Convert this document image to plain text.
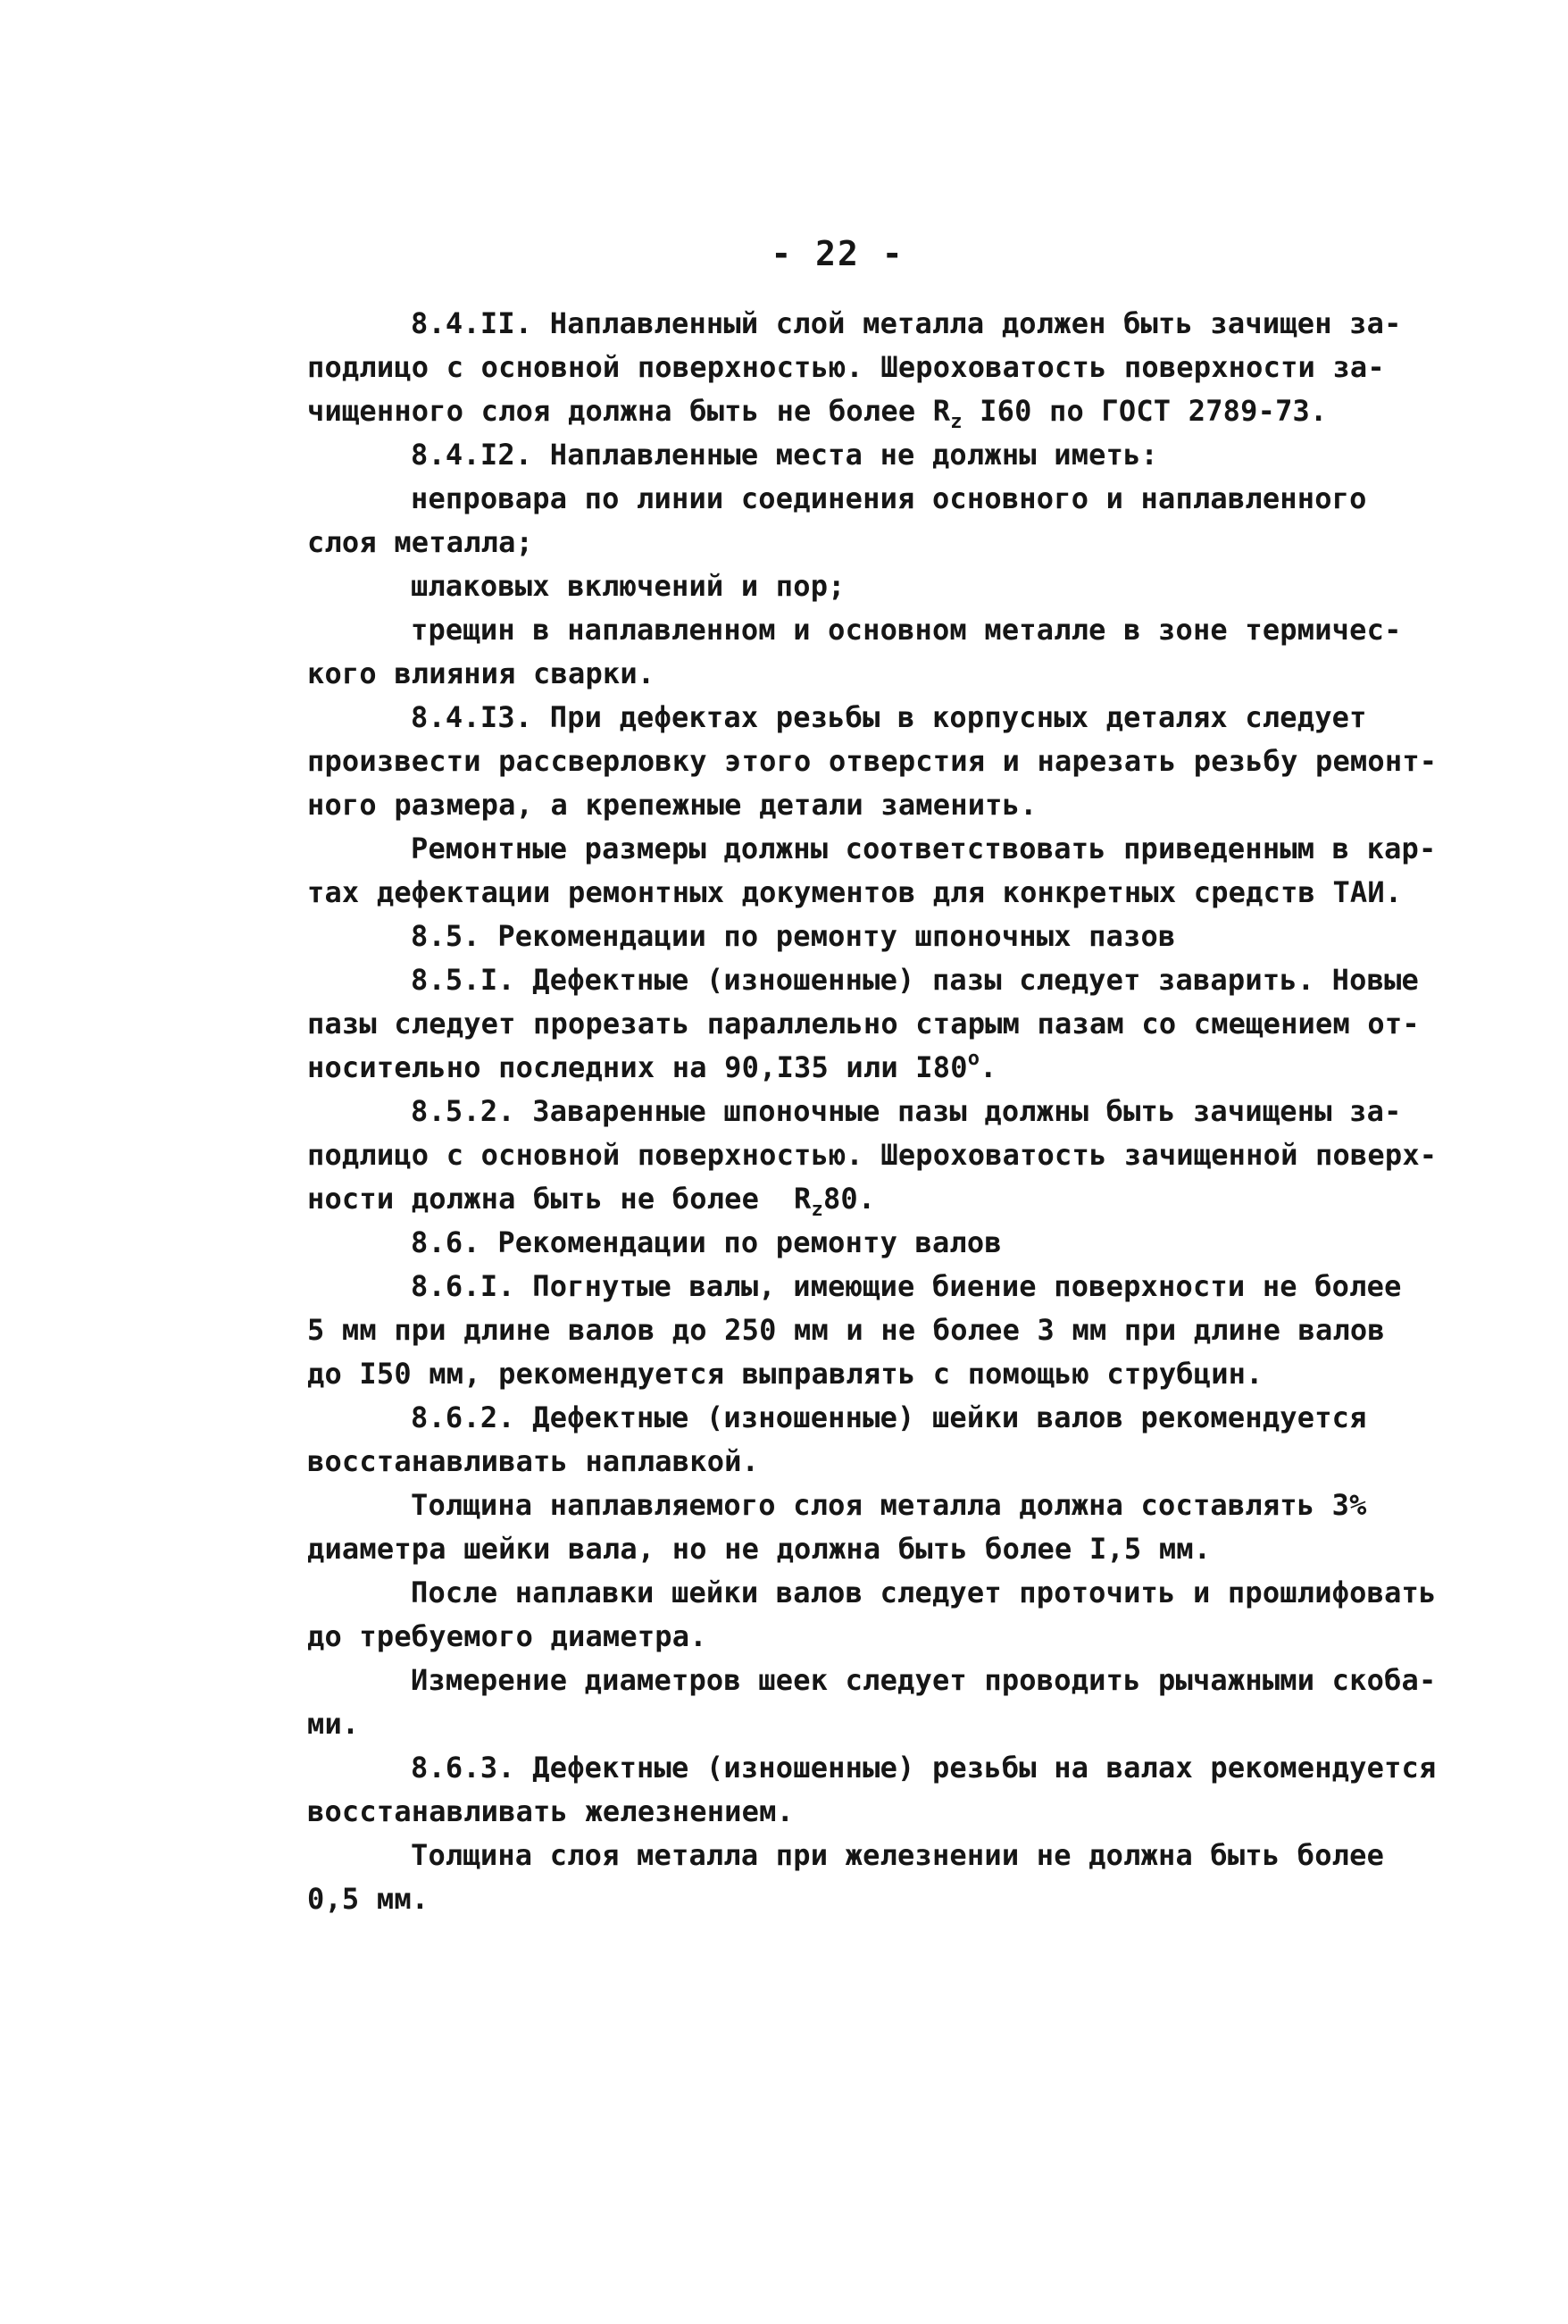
- 22 -
8.4.II. Наплавленный слой металла должен быть зачищен за-
подлицо с основной поверхностью. Шероховатость поверхности за-
чищенного слоя должна быть не более $R_z$ I60 по ГОСТ 2789-73.
8.4.I2. Наплавленные места не должны иметь:
непровара по линии соединения основного и наплавленного
слоя металла;
шлаковых включений и пор;
трещин в наплавленном и основном металле в зоне термичес-
кого влияния сварки.
8.4.I3. При дефектах резьбы в корпусных деталях следует
произвести рассверловку этого отверстия и нарезать резьбу ремонт-
ного размера, а крепежные детали заменить.
Ремонтные размеры должны соответствовать приведенным в кар-
тах дефектации ремонтных документов для конкретных средств ТАИ.
8.5. Рекомендации по ремонту шпоночных пазов
8.5.I. Дефектные (изношенные) пазы следует заварить. Новые
пазы следует прорезать параллельно старым пазам со смещением от-
носительно последних на 90,I35 или I80$^o$.
8.5.2. Заваренные шпоночные пазы должны быть зачищены за-
подлицо с основной поверхностью. Шероховатость зачищенной поверх-
ности должна быть не более  $R_z80$.
8.6. Рекомендации по ремонту валов
8.6.I. Погнутые валы, имеющие биение поверхности не более
5 мм при длине валов до 250 мм и не более 3 мм при длине валов
до I50 мм, рекомендуется выправлять с помощью струбцин.
8.6.2. Дефектные (изношенные) шейки валов рекомендуется
восстанавливать наплавкой.
Толщина наплавляемого слоя металла должна составлять 3%
диаметра шейки вала, но не должна быть более I,5 мм.
После наплавки шейки валов следует проточить и прошлифовать
до требуемого диаметра.
Измерение диаметров шеек следует проводить рычажными скоба-
ми.
8.6.3. Дефектные (изношенные) резьбы на валах рекомендуется
восстанавливать железнением.
Толщина слоя металла при железнении не должна быть более
0,5 мм.
